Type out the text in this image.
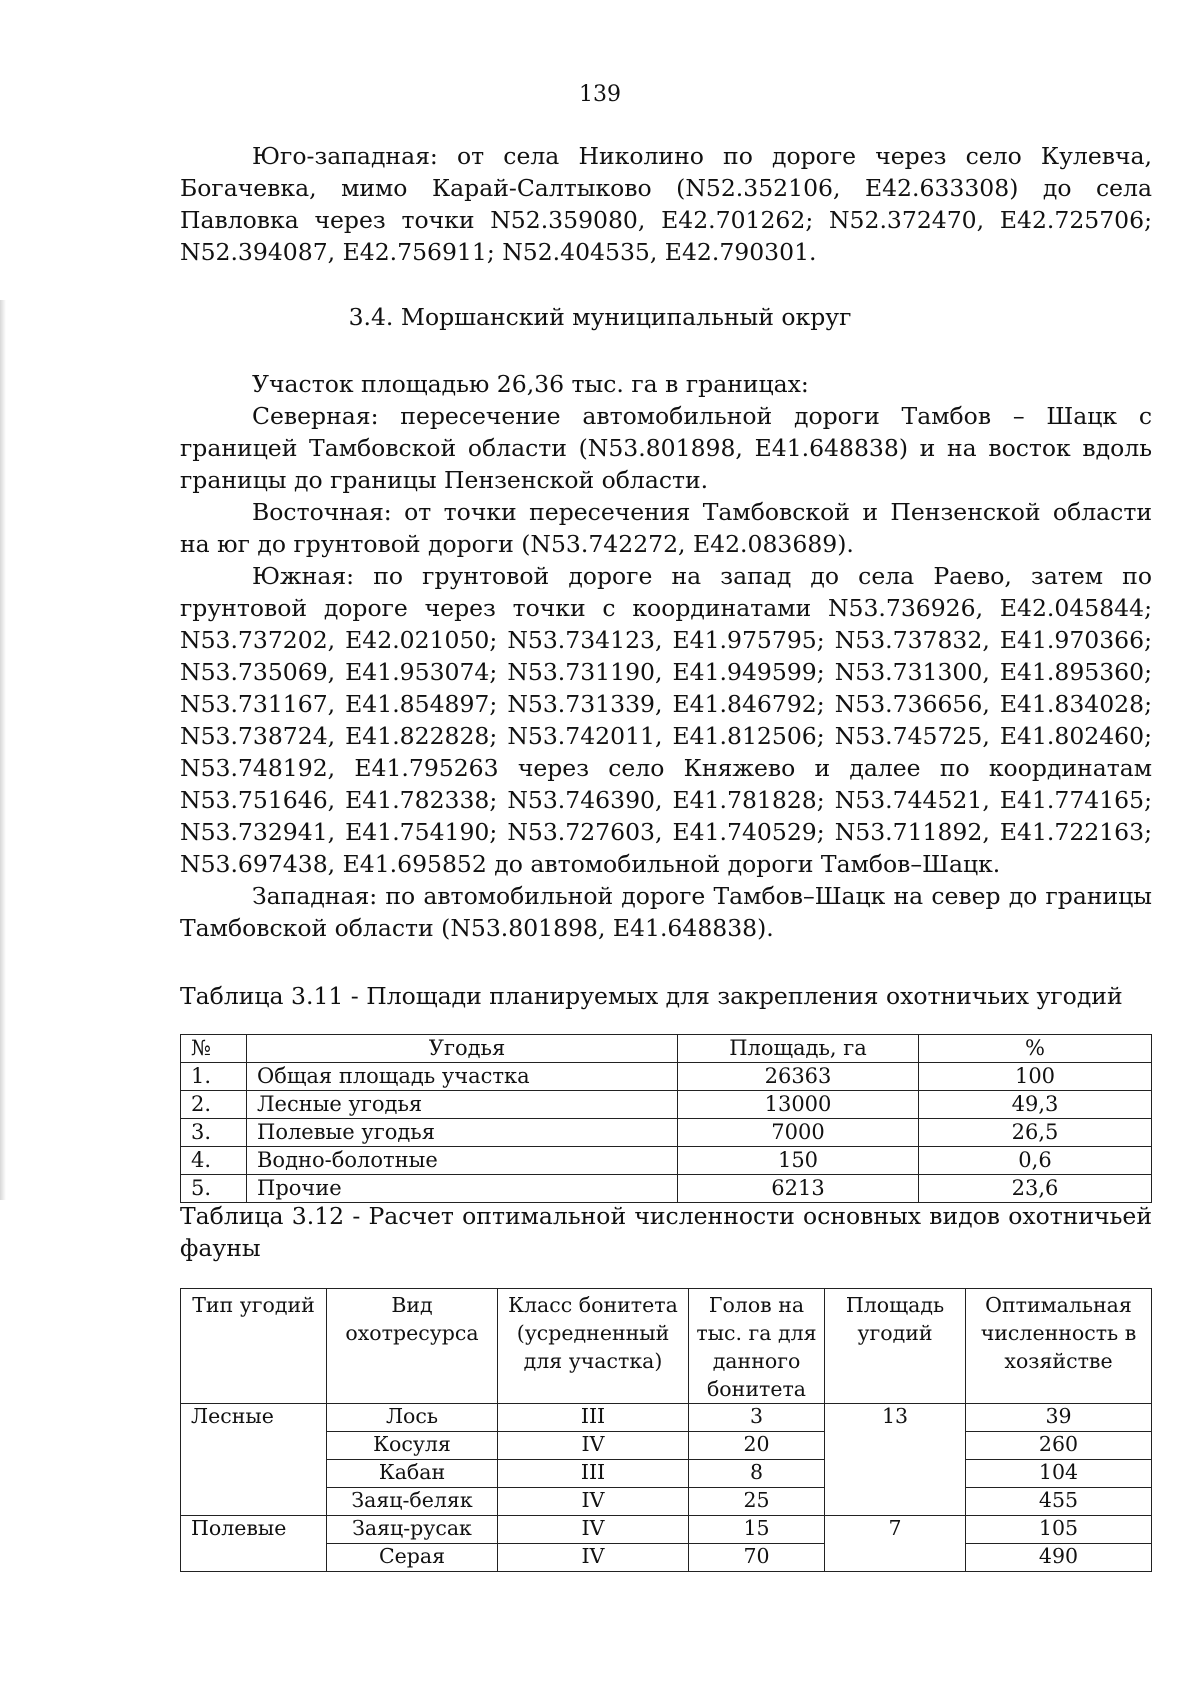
139

Юго-западная: от села Николино по дороге через село Кулевча, Богачевка, мимо Карай-Салтыково (N52.352106, E42.633308) до села Павловка через точки N52.359080, E42.701262; N52.372470, E42.725706; N52.394087, E42.756911; N52.404535, E42.790301.

3.4. Моршанский муниципальный округ

Участок площадью 26,36 тыс. га в границах:

Северная: пересечение автомобильной дороги Тамбов – Шацк с границей Тамбовской области (N53.801898, E41.648838) и на восток вдоль границы до границы Пензенской области.

Восточная: от точки пересечения Тамбовской и Пензенской области на юг до грунтовой дороги (N53.742272, E42.083689).

Южная: по грунтовой дороге на запад до села Раево, затем по грунтовой дороге через точки с координатами N53.736926, E42.045844; N53.737202, E42.021050; N53.734123, E41.975795; N53.737832, E41.970366; N53.735069, E41.953074; N53.731190, E41.949599; N53.731300, E41.895360; N53.731167, E41.854897; N53.731339, E41.846792; N53.736656, E41.834028; N53.738724, E41.822828; N53.742011, E41.812506; N53.745725, E41.802460; N53.748192, E41.795263 через село Княжево и далее по координатам N53.751646, E41.782338; N53.746390, E41.781828; N53.744521, E41.774165; N53.732941, E41.754190; N53.727603, E41.740529; N53.711892, E41.722163; N53.697438, E41.695852 до автомобильной дороги Тамбов–Шацк.

Западная: по автомобильной дороге Тамбов–Шацк на север до границы Тамбовской области (N53.801898, E41.648838).

Таблица 3.11 - Площади планируемых для закрепления охотничьих угодий
№	Угодья	Площадь, га	%
1.	Общая площадь участка	26363	100
2.	Лесные угодья	13000	49,3
3.	Полевые угодья	7000	26,5
4.	Водно-болотные	150	0,6
5.	Прочие	6213	23,6
Таблица 3.12 - Расчет оптимальной численности основных видов охотничьей фауны
Тип угодий	Вид охотресурса	Класс бонитета (усредненный для участка)	Голов на тыс. га для данного бонитета	Площадь угодий	Оптимальная численность в хозяйстве
Лесные	Лось	III	3	13	39
	Косуля	IV	20		260
	Кабан	III	8		104
	Заяц-беляк	IV	25		455
Полевые	Заяц-русак	IV	15	7	105
	Серая	IV	70		490
